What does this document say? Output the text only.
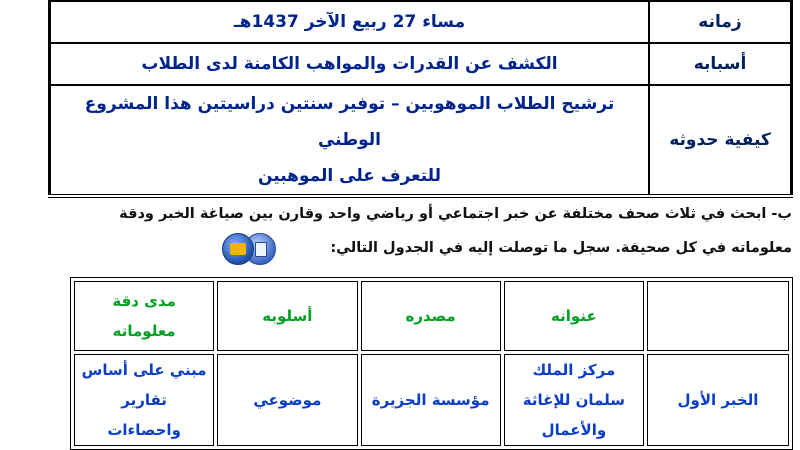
زمانه	مساء 27 ربيع الآخر 1437هـ
أسبابه	الكشف عن القدرات والمواهب الكامنة لدى الطلاب
كيفية حدوثه	ترشيح الطلاب الموهوبين – توفير سنتين دراسيتين هذا المشروع الوطني
للتعرف على الموهبين
ب- ابحث في ثلاث صحف مختلفة عن خبر اجتماعي أو رياضي واحد وقارن بين صياغة الخبر ودقة
معلوماته في كل صحيفة. سجل ما توصلت إليه في الجدول التالي:
	عنوانه	مصدره	أسلوبه	مدى دقة
معلوماته

الخبر الأول	مركز الملك
سلمان للإغاثة
والأعمال	مؤسسة الجزيرة	موضوعي	مبني على أساس
تقارير
واحصاءات
